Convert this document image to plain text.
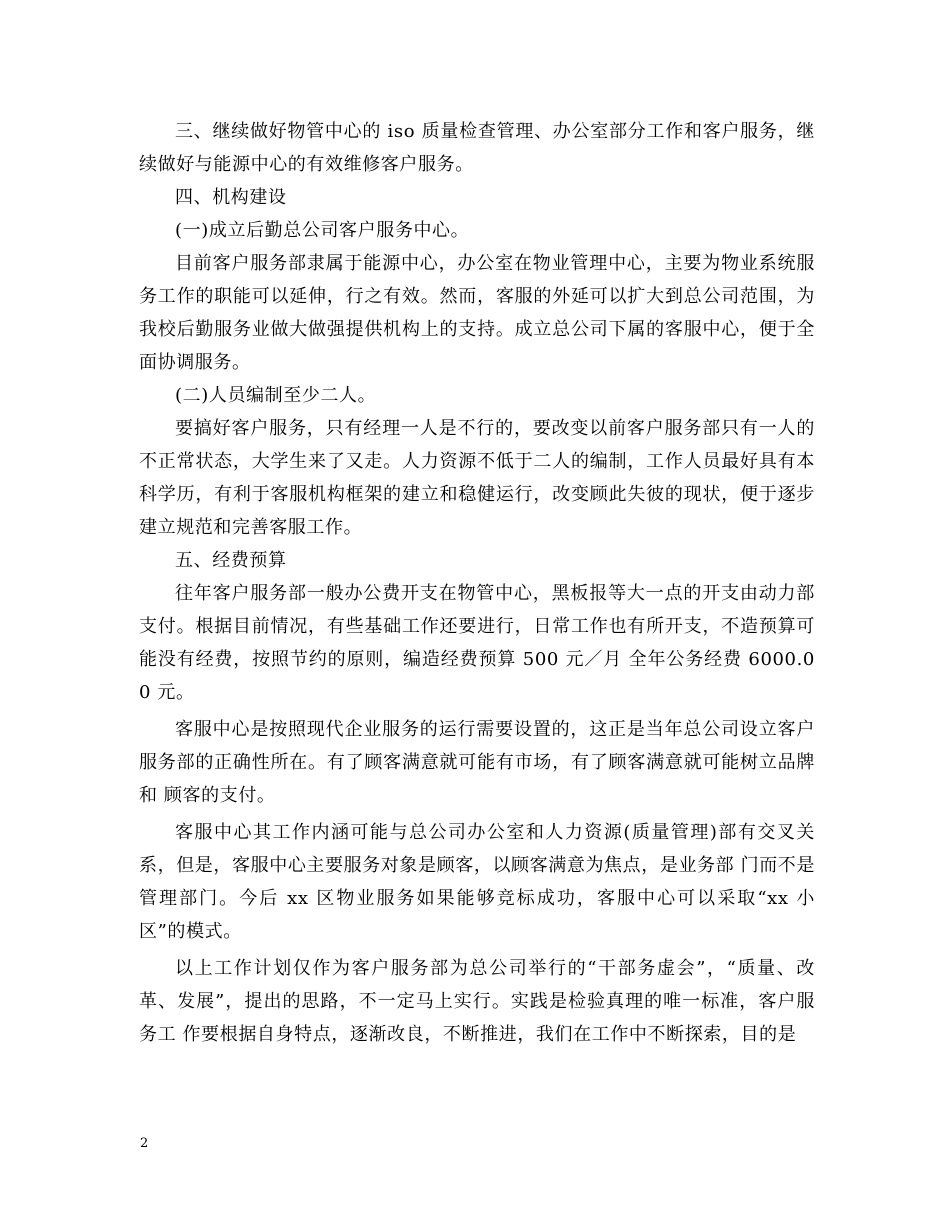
三、继续做好物管中心的 iso 质量检查管理、办公室部分工作和客户服务，继续做好与能源中心的有效维修客户服务。

四、机构建设

(一)成立后勤总公司客户服务中心。

目前客户服务部隶属于能源中心，办公室在物业管理中心，主要为物业系统服务工作的职能可以延伸，行之有效。然而，客服的外延可以扩大到总公司范围，为我校后勤服务业做大做强提供机构上的支持。成立总公司下属的客服中心，便于全面协调服务。

(二)人员编制至少二人。

要搞好客户服务，只有经理一人是不行的，要改变以前客户服务部只有一人的不正常状态，大学生来了又走。人力资源不低于二人的编制，工作人员最好具有本科学历，有利于客服机构框架的建立和稳健运行，改变顾此失彼的现状，便于逐步建立规范和完善客服工作。

五、经费预算

往年客户服务部一般办公费开支在物管中心，黑板报等大一点的开支由动力部支付。根据目前情况，有些基础工作还要进行，日常工作也有所开支，不造预算可能没有经费，按照节约的原则，编造经费预算 500 元／月 全年公务经费 6000.00 元。

客服中心是按照现代企业服务的运行需要设置的，这正是当年总公司设立客户服务部的正确性所在。有了顾客满意就可能有市场，有了顾客满意就可能树立品牌和 顾客的支付。

客服中心其工作内涵可能与总公司办公室和人力资源(质量管理)部有交叉关系，但是，客服中心主要服务对象是顾客，以顾客满意为焦点，是业务部 门而不是管理部门。今后 xx 区物业服务如果能够竞标成功，客服中心可以采取“xx 小区”的模式。

以上工作计划仅作为客户服务部为总公司举行的“干部务虚会”，“质量、改革、发展”，提出的思路，不一定马上实行。实践是检验真理的唯一标准，客户服务工 作要根据自身特点，逐渐改良，不断推进，我们在工作中不断探索，目的是

2
